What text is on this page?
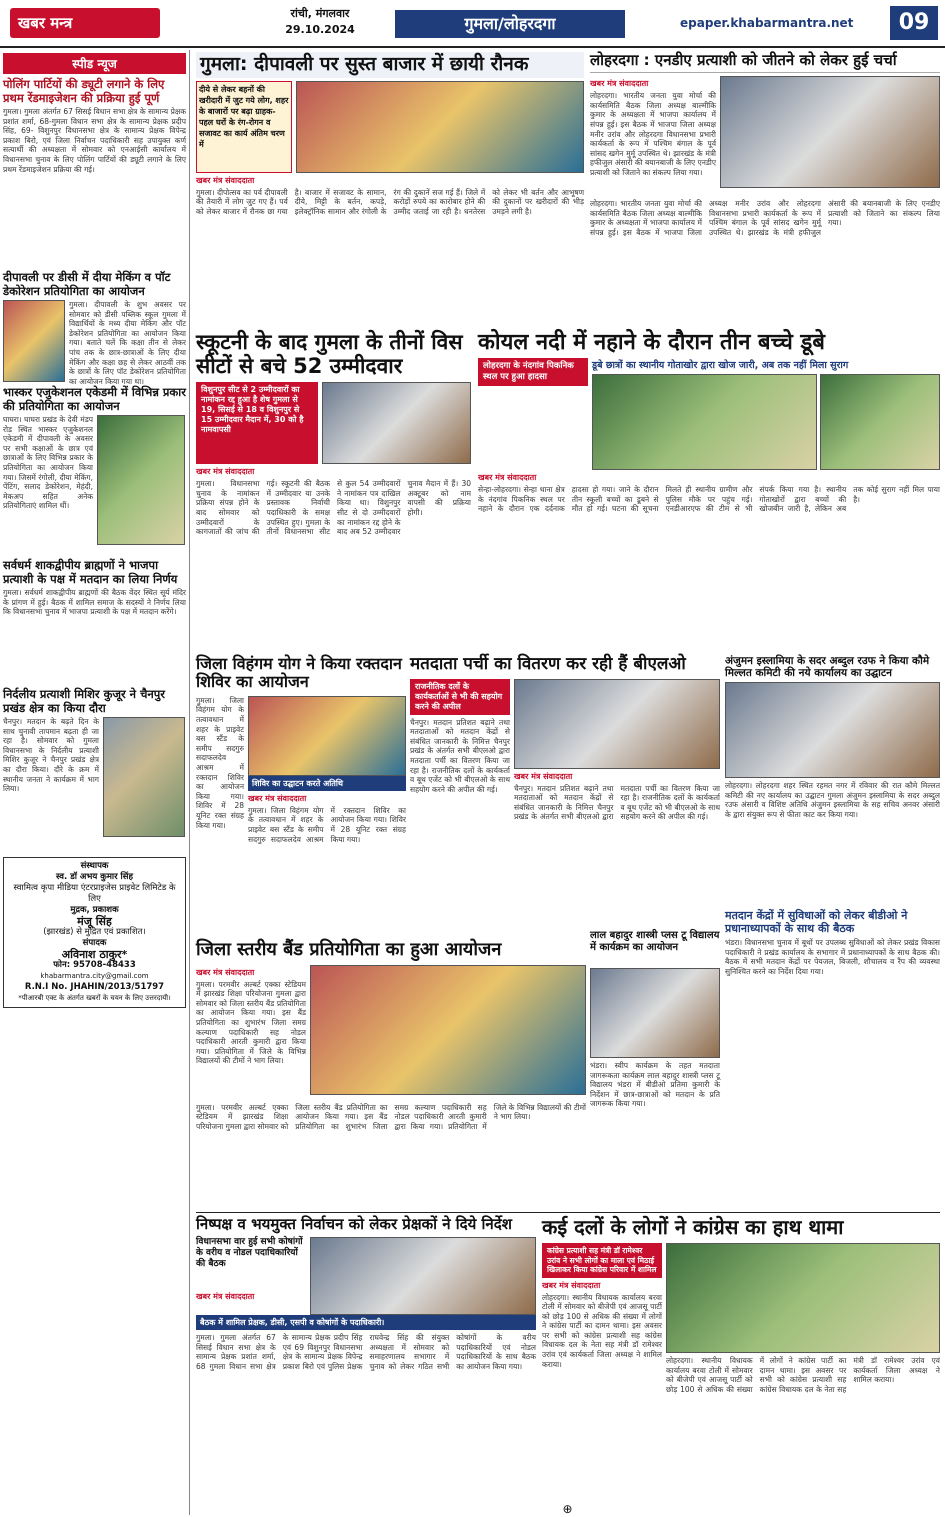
खबर मन्त्र
रांची, मंगलवार
29.10.2024	गुमला/लोहरदगा	epaper.khabarmantra.net	09
स्पीड न्यूज
पोलिंग पार्टियों की ड्यूटी लगाने के लिए प्रथम रेंडमाइजेशन की प्रक्रिया हुई पूर्ण
गुमला। गुमला अंतर्गत 67 सिसई विधान सभा क्षेत्र के सामान्य प्रेक्षक प्रशांत शर्मा, 68-गुमला विधान सभा क्षेत्र के सामान्य प्रेक्षक प्रदीप सिंह, 69- विशुनपुर विधानसभा क्षेत्र के सामान्य प्रेक्षक विपेन्द्र प्रकाश बिरो, एवं जिला निर्वाचन पदाधिकारी सह उपायुक्त कर्ण सत्यार्थी की अध्यक्षता में सोमवार को एनआईसी कार्यालय में विधानसभा चुनाव के लिए पोलिंग पार्टियों की ड्यूटी लगाने के लिए प्रथम रेंडमाइजेशन प्रक्रिया की गई।
दीपावली पर डीसी में दीया मेकिंग व पॉट डेकोरेशन प्रतियोगिता का आयोजन
गुमला। दीपावली के शुभ अवसर पर सोमवार को डीसी पब्लिक स्कूल गुमला में विद्यार्थियों के मध्य दीया मेकिंग और पॉट डेकोरेशन प्रतियोगिता का आयोजन किया गया। बताते चलें कि कक्षा तीन से लेकर पांच तक के छात्र-छात्राओं के लिए दीया मेकिंग और कक्षा छह से लेकर आठवीं तक के छात्रों के लिए पॉट डेकोरेशन प्रतियोगिता का आयोजन किया गया था।
भास्कर एजुकेशनल एकेडमी में विभिन्न प्रकार की प्रतियोगिता का आयोजन
घाघरा। घाघरा प्रखंड के देवी मंडप रोड स्थित भास्कर एजुकेशनल एकेडमी में दीपावली के अवसर पर सभी कक्षाओं के छात्र एवं छात्राओं के लिए विभिन्न प्रकार के प्रतियोगिता का आयोजन किया गया। जिसमें रंगोली, दीया मेकिंग, पेंटिंग, सलाद डेकोरेशन, मेहंदी, मेकअप सहित अनेक प्रतियोगिताएं शामिल थीं।
सर्वधर्म शाकद्वीपीय ब्राह्मणों ने भाजपा प्रत्याशी के पक्ष में मतदान का लिया निर्णय
गुमला। सर्वधर्म शाकद्वीपीय ब्राह्मणों की बैठक वेंदर स्थित सूर्य मंदिर के प्रांगण में हुई। बैठक में शामिल समाज के सदस्यों ने निर्णय लिया कि विधानसभा चुनाव में भाजपा प्रत्याशी के पक्ष में मतदान करेंगे।
निर्दलीय प्रत्याशी मिशिर कुजूर ने चैनपुर प्रखंड क्षेत्र का किया दौरा
चैनपुर। मतदान के बढ़ते दिन के साथ चुनावी तापमान बढ़ता ही जा रहा है। सोमवार को गुमला विधानसभा के निर्दलीय प्रत्याशी मिशिर कुजूर ने चैनपुर प्रखंड क्षेत्र का दौरा किया। दौरे के क्रम में स्थानीय जनता ने कार्यक्रम में भाग लिया।
संस्थापक
स्व. डॉ अभय कुमार सिंह
स्वामित्व कृपा मीडिया एंटरप्राइजेस प्राइवेट लिमिटेड के लिए
मुद्रक, प्रकाशक
मंजू सिंह
(झारखंड) से मुद्रित एवं प्रकाशित।
संपादक
अविनाश ठाकुर*
फोन: 95708-48433
khabarmantra.city@gmail.com
R.N.I No. JHAHIN/2013/51797
*पीआरबी एक्ट के अंतर्गत खबरों के चयन के लिए उत्तरदायी।
गुमला: दीपावली पर सुस्त बाजार में छायी रौनक
दीये से लेकर बहनों की खरीदारी में जुट गये लोग, शहर के बाजारों पर बढ़ा ग्राहक-पहल घरों के रंग-रोगन व सजावट का कार्य अंतिम चरण में
खबर मंत्र संवाददाता
गुमला। दीपोत्सव का पर्व दीपावली की तैयारी में लोग जुट गए हैं। पर्व को लेकर बाजार में रौनक छा गया है। बाजार में सजावट के सामान, दीये, मिट्टी के बर्तन, कपड़े, इलेक्ट्रॉनिक सामान और रंगोली के रंग की दुकानें सज गई हैं। जिले में करोड़ों रुपये का कारोबार होने की उम्मीद जताई जा रही है। धनतेरस को लेकर भी बर्तन और आभूषण की दुकानों पर खरीदारों की भीड़ उमड़ने लगी है।
लोहरदगा : एनडीए प्रत्याशी को जीतने को लेकर हुई चर्चा
खबर मंत्र संवाददाता
लोहरदगा। भारतीय जनता युवा मोर्चा की कार्यसमिति बैठक जिला अध्यक्ष बाल्मीकि कुमार के अध्यक्षता में भाजपा कार्यालय में संपन्न हुई। इस बैठक में भाजपा जिला अध्यक्ष मनीर उरांव और लोहरदगा विधानसभा प्रभारी कार्यकर्ता के रूप में पश्चिम बंगाल के पूर्व सांसद खगेन मुर्मू उपस्थित थे। झारखंड के मंत्री हफीजुल अंसारी की बयानबाजी के लिए एनडीए प्रत्याशी को जिताने का संकल्प लिया गया।
लोहरदगा। भारतीय जनता युवा मोर्चा की कार्यसमिति बैठक जिला अध्यक्ष बाल्मीकि कुमार के अध्यक्षता में भाजपा कार्यालय में संपन्न हुई। इस बैठक में भाजपा जिला अध्यक्ष मनीर उरांव और लोहरदगा विधानसभा प्रभारी कार्यकर्ता के रूप में पश्चिम बंगाल के पूर्व सांसद खगेन मुर्मू उपस्थित थे। झारखंड के मंत्री हफीजुल अंसारी की बयानबाजी के लिए एनडीए प्रत्याशी को जिताने का संकल्प लिया गया।
स्कूटनी के बाद गुमला के तीनों विस सीटों से बचे 52 उम्मीदवार
विशुनपुर सीट से 2 उम्मीदवारों का नामांकन रद्द हुआ है शेष गुमला से 19, सिसई से 18 व विशुनपुर से 15 उम्मीदवार मैदान में, 30 को है नामवापसी
खबर मंत्र संवाददाता
गुमला। विधानसभा चुनाव के नामांकन प्रक्रिया संपन्न होने के बाद सोमवार को उम्मीदवारों के कागजातों की जांच की गई। स्कूटनी की बैठक में उम्मीदवार या उनके प्रस्तावक निर्वाची पदाधिकारी के समक्ष उपस्थित हुए। गुमला के तीनों विधानसभा सीट से कुल 54 उम्मीदवारों ने नामांकन पत्र दाखिल किया था। विशुनपुर सीट से दो उम्मीदवारों का नामांकन रद्द होने के बाद अब 52 उम्मीदवार चुनाव मैदान में हैं। 30 अक्टूबर को नाम वापसी की प्रक्रिया होगी।
कोयल नदी में नहाने के दौरान तीन बच्चे डूबे
लोहरदगा के नंदगांव पिकनिक स्थल पर हुआ हादसा
डूबे छात्रों का स्थानीय गोताखोर द्वारा खोज जारी, अब तक नहीं मिला सुराग
खबर मंत्र संवाददाता
सेन्हा-लोहरदगा। सेन्हा थाना क्षेत्र के नंदगांव पिकनिक स्थल पर नहाने के दौरान एक दर्दनाक हादसा हो गया। जाने के दौरान तीन स्कूली बच्चों का डूबने से मौत हो गई। घटना की सूचना मिलते ही स्थानीय ग्रामीण और पुलिस मौके पर पहुंच गई। एनडीआरएफ की टीम से भी संपर्क किया गया है। स्थानीय गोताखोरों द्वारा बच्चों की खोजबीन जारी है, लेकिन अब तक कोई सुराग नहीं मिल पाया है।
जिला विहंगम योग ने किया रक्तदान शिविर का आयोजन
गुमला। जिला विहंगम योग के तत्वावधान में शहर के प्राइवेट बस स्टैंड के समीप सदगुरु सदाफलदेव आश्रम में रक्तदान शिविर का आयोजन किया गया। शिविर में 28 यूनिट रक्त संग्रह किया गया।
शिविर का उद्घाटन करते अतिथि
खबर मंत्र संवाददाता
गुमला। जिला विहंगम योग के तत्वावधान में शहर के प्राइवेट बस स्टैंड के समीप सदगुरु सदाफलदेव आश्रम में रक्तदान शिविर का आयोजन किया गया। शिविर में 28 यूनिट रक्त संग्रह किया गया।
मतदाता पर्ची का वितरण कर रही हैं बीएलओ
राजनीतिक दलों के कार्यकर्ताओं से भी की सहयोग करने की अपील
चैनपुर। मतदान प्रतिशत बढ़ाने तथा मतदाताओं को मतदान केंद्रों से संबंधित जानकारी के निमित्त चैनपुर प्रखंड के अंतर्गत सभी बीएलओ द्वारा मतदाता पर्ची का वितरण किया जा रहा है। राजनीतिक दलों के कार्यकर्ता व बूथ एजेंट को भी बीएलओ के साथ सहयोग करने की अपील की गई।
खबर मंत्र संवाददाता
चैनपुर। मतदान प्रतिशत बढ़ाने तथा मतदाताओं को मतदान केंद्रों से संबंधित जानकारी के निमित्त चैनपुर प्रखंड के अंतर्गत सभी बीएलओ द्वारा मतदाता पर्ची का वितरण किया जा रहा है। राजनीतिक दलों के कार्यकर्ता व बूथ एजेंट को भी बीएलओ के साथ सहयोग करने की अपील की गई।
अंजुमन इस्लामिया के सदर अब्दुल रउफ ने किया कौमे मिल्लत कमिटी की नये कार्यालय का उद्घाटन
लोहरदगा। लोहरदगा शहर स्थित रहमत नगर में रविवार की रात कौमे मिल्लत कमिटी की नए कार्यालय का उद्घाटन गुमला अंजुमन इस्लामिया के सदर अब्दुल रउफ अंसारी व विशिष्ट अतिथि अंजुमन इस्लामिया के सह सचिव अनवर अंसारी के द्वारा संयुक्त रूप से फीता काट कर किया गया।
लाल बहादुर शास्त्री प्लस टू विद्यालय में कार्यक्रम का आयोजन
जिला स्तरीय बैंड प्रतियोगिता का हुआ आयोजन
खबर मंत्र संवाददाता
गुमला। परमवीर अल्बर्ट एक्का स्टेडियम में झारखंड शिक्षा परियोजना गुमला द्वारा सोमवार को जिला स्तरीय बैंड प्रतियोगिता का आयोजन किया गया। इस बैंड प्रतियोगिता का शुभारंभ जिला समग्र कल्याण पदाधिकारी सह नोडल पदाधिकारी आरती कुमारी द्वारा किया गया। प्रतियोगिता में जिले के विभिन्न विद्यालयों की टीमों ने भाग लिया।
गुमला। परमवीर अल्बर्ट एक्का स्टेडियम में झारखंड शिक्षा परियोजना गुमला द्वारा सोमवार को जिला स्तरीय बैंड प्रतियोगिता का आयोजन किया गया। इस बैंड प्रतियोगिता का शुभारंभ जिला समग्र कल्याण पदाधिकारी सह नोडल पदाधिकारी आरती कुमारी द्वारा किया गया। प्रतियोगिता में जिले के विभिन्न विद्यालयों की टीमों ने भाग लिया।
भंडरा। स्वीप कार्यक्रम के तहत मतदाता जागरूकता कार्यक्रम लाल बहादुर शास्त्री प्लस टू विद्यालय भंडरा में बीडीओ प्रतिमा कुमारी के निर्देशन में छात्र-छात्राओं को मतदान के प्रति जागरूक किया गया।
मतदान केंद्रों में सुविधाओं को लेकर बीडीओ ने प्रधानाध्यापकों के साथ की बैठक
भंडरा। विधानसभा चुनाव में बूथों पर उपलब्ध सुविधाओं को लेकर प्रखंड विकास पदाधिकारी ने प्रखंड कार्यालय के सभागार में प्रधानाध्यापकों के साथ बैठक की। बैठक में सभी मतदान केंद्रों पर पेयजल, बिजली, शौचालय व रैंप की व्यवस्था सुनिश्चित करने का निर्देश दिया गया।
निष्पक्ष व भयमुक्त निर्वाचन को लेकर प्रेक्षकों ने दिये निर्देश
विधानसभा वार हुई सभी कोषांगों के वरीय व नोडल पदाधिकारियों की बैठक
खबर मंत्र संवाददाता
बैठक में शामिल प्रेक्षक, डीसी, एसपी व कोषांगों के पदाधिकारी।
गुमला। गुमला अंतर्गत 67 सिसई विधान सभा क्षेत्र के सामान्य प्रेक्षक प्रशांत शर्मा, 68 गुमला विधान सभा क्षेत्र के सामान्य प्रेक्षक प्रदीप सिंह एवं 69 विशुनपुर विधानसभा क्षेत्र के सामान्य प्रेक्षक विपेन्द्र प्रकाश बिरो एवं पुलिस प्रेक्षक राघवेन्द्र सिंह की संयुक्त अध्यक्षता में सोमवार को समाहरणालय सभागार में चुनाव को लेकर गठित सभी कोषांगों के वरीय पदाधिकारियों एवं नोडल पदाधिकारियों के साथ बैठक का आयोजन किया गया।
कई दलों के लोगों ने कांग्रेस का हाथ थामा
कांग्रेस प्रत्याशी सह मंत्री डॉ रामेश्वर उरांव ने सभी लोगों का माला एवं मिठाई खिलाकर किया कांग्रेस परिवार में शामिल
खबर मंत्र संवाददाता
लोहरदगा। स्थानीय विधायक कार्यालय बरवा टोली में सोमवार को बीजेपी एवं आजसू पार्टी को छोड़ 100 से अधिक की संख्या में लोगों ने कांग्रेस पार्टी का दामन थामा। इस अवसर पर सभी को कांग्रेस प्रत्याशी सह कांग्रेस विधायक दल के नेता सह मंत्री डॉ रामेश्वर उरांव एवं कार्यकर्ता जिला अध्यक्ष ने शामिल कराया।	लोहरदगा। स्थानीय विधायक कार्यालय बरवा टोली में सोमवार को बीजेपी एवं आजसू पार्टी को छोड़ 100 से अधिक की संख्या में लोगों ने कांग्रेस पार्टी का दामन थामा। इस अवसर पर सभी को कांग्रेस प्रत्याशी सह कांग्रेस विधायक दल के नेता सह मंत्री डॉ रामेश्वर उरांव एवं कार्यकर्ता जिला अध्यक्ष ने शामिल कराया।
⊕
